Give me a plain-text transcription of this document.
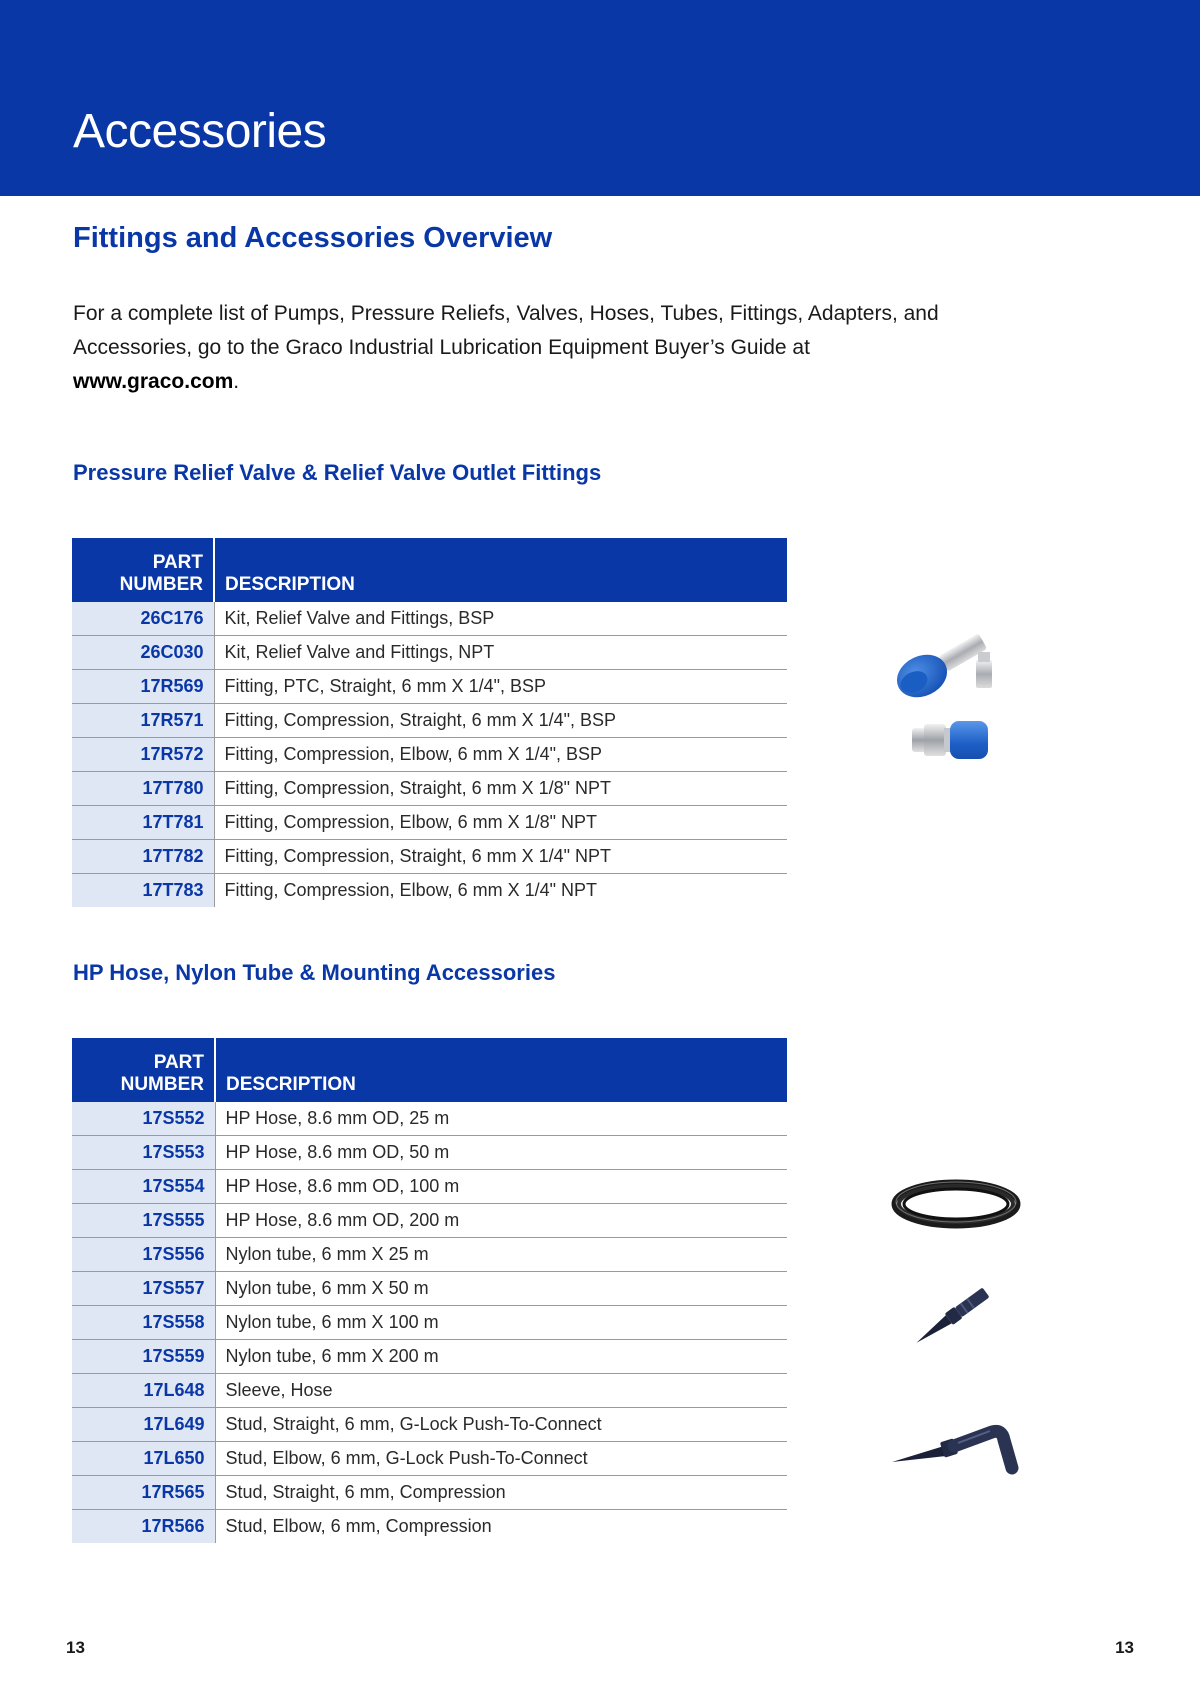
Accessories
Fittings and Accessories Overview

For a complete list of Pumps, Pressure Reliefs, Valves, Hoses, Tubes, Fittings, Adapters, and Accessories, go to the Graco Industrial Lubrication Equipment Buyer’s Guide at www.graco.com.

Pressure Relief Valve & Relief Valve Outlet Fittings
PART NUMBER	DESCRIPTION
26C176	Kit, Relief Valve and Fittings, BSP
26C030	Kit, Relief Valve and Fittings, NPT
17R569	Fitting, PTC, Straight, 6 mm X 1/4", BSP
17R571	Fitting, Compression, Straight, 6 mm X 1/4", BSP
17R572	Fitting, Compression, Elbow, 6 mm X 1/4", BSP
17T780	Fitting, Compression, Straight, 6 mm X 1/8" NPT
17T781	Fitting, Compression, Elbow, 6 mm X 1/8" NPT
17T782	Fitting, Compression, Straight, 6 mm X 1/4" NPT
17T783	Fitting, Compression, Elbow, 6 mm X 1/4" NPT
HP Hose, Nylon Tube & Mounting Accessories
PART NUMBER	DESCRIPTION
17S552	HP Hose, 8.6 mm OD, 25 m
17S553	HP Hose, 8.6 mm OD, 50 m
17S554	HP Hose, 8.6 mm OD, 100 m
17S555	HP Hose, 8.6 mm OD, 200 m
17S556	Nylon tube, 6 mm X 25 m
17S557	Nylon tube, 6 mm X 50 m
17S558	Nylon tube, 6 mm X 100 m
17S559	Nylon tube, 6 mm X 200 m
17L648	Sleeve, Hose
17L649	Stud, Straight, 6 mm, G-Lock Push-To-Connect
17L650	Stud, Elbow, 6 mm, G-Lock Push-To-Connect
17R565	Stud, Straight, 6 mm, Compression
17R566	Stud, Elbow, 6 mm, Compression

13	13
